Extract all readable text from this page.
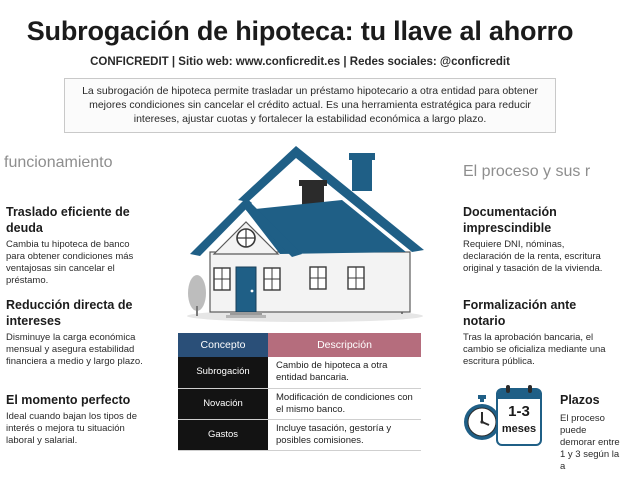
Subrogación de hipoteca: tu llave al ahorro
CONFICREDIT | Sitio web: www.conficredit.es | Redes sociales: @conficredit
La subrogación de hipoteca permite trasladar un préstamo hipotecario a otra entidad para obtener mejores condiciones sin cancelar el crédito actual. Es una herramienta estratégica para reducir intereses, ajustar cuotas y fortalecer la estabilidad económica a largo plazo.
funcionamiento
El proceso y sus r
Traslado eficiente de deuda

Cambia tu hipoteca de banco para obtener condiciones más ventajosas sin cancelar el préstamo.

Reducción directa de intereses

Disminuye la carga económica mensual y asegura estabilidad financiera a medio y largo plazo.

El momento perfecto

Ideal cuando bajan los tipos de interés o mejora tu situación laboral y salarial.

Documentación imprescindible

Requiere DNI, nóminas, declaración de la renta, escritura original y tasación de la vivienda.

Formalización ante notario

Tras la aprobación bancaria, el cambio se oficializa mediante una escritura pública.

Plazos

El proceso puede demorar entre 1 y 3 según la a

Concepto	Descripción
Subrogación	Cambio de hipoteca a otra entidad bancaria.
Novación	Modificación de condiciones con el mismo banco.
Gastos	Incluye tasación, gestoría y posibles comisiones.
1-3
meses
